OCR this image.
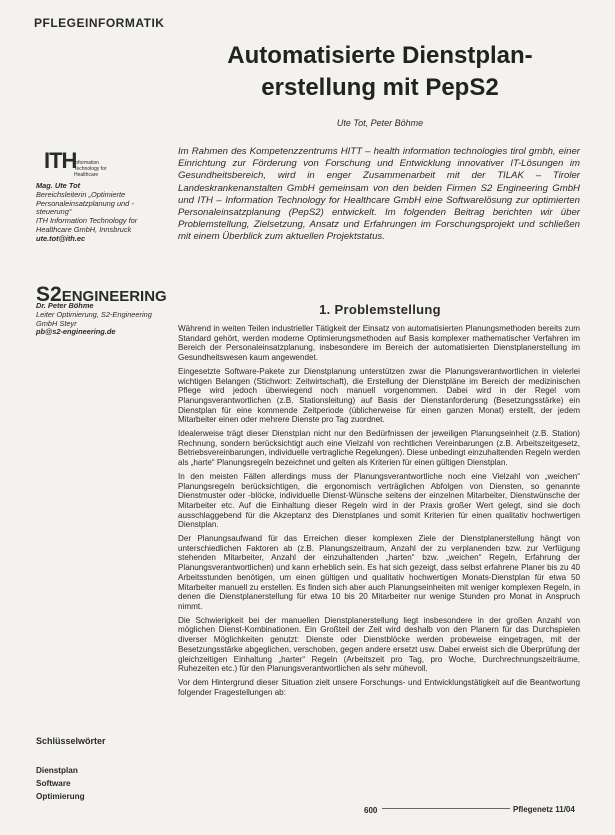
PFLEGEINFORMATIK
Automatisierte Dienstplan-
erstellung mit PepS2
Ute Tot, Peter Böhme
Im Rahmen des Kompetenzzentrums HITT – health information technologies tirol gmbh, einer Einrichtung zur Förderung von Forschung und Entwicklung innovativer IT-Lösungen im Gesundheitsbereich, wird in enger Zusammenarbeit mit der TILAK – Tiroler Landeskrankenanstalten GmbH gemeinsam von den beiden Firmen S2 Engineering GmbH und ITH – Information Technology for Healthcare GmbH eine Softwarelösung zur optimierten Personaleinsatzplanung (PepS2) entwickelt. Im folgenden Beitrag berichten wir über Problemstellung, Zielsetzung, Ansatz und Erfahrungen im Forschungsprojekt und schließen mit einem Überblick zum aktuellen Projektstatus.
ITH
Information Technology for Healthcare
Mag. Ute Tot
Bereichsleiterin „Optimierte Personaleinsatzplanung und -steuerung“
ITH Information Technology for Healthcare GmbH, Innsbruck
ute.tot@ith.ec
S2ENGINEERING
Dr. Peter Böhme
Leiter Optimierung, S2-Engineering GmbH Steyr
pb@s2-engineering.de
1. Problemstellung

Während in weiten Teilen industrieller Tätigkeit der Einsatz von automatisierten Planungsmethoden bereits zum Standard gehört, werden moderne Optimierungsmethoden auf Basis komplexer mathematischer Verfahren im Bereich der Personaleinsatzplanung, insbesondere im Bereich der automatisierten Dienstplanerstellung im Gesundheitswesen kaum angewendet.

Eingesetzte Software-Pakete zur Dienstplanung unterstützen zwar die Planungsverantwortlichen in vielerlei wichtigen Belangen (Stichwort: Zeitwirtschaft), die Erstellung der Dienstpläne im Bereich der medizinischen Pflege wird jedoch überwiegend noch manuell vorgenommen. Dabei wird in der Regel vom Planungsverantwortlichen (z.B. Stationsleitung) auf Basis der Dienstanforderung (Besetzungsstärke) ein Dienstplan für eine kommende Zeitperiode (üblicherweise für einen ganzen Monat) erstellt, der jedem Mitarbeiter einen oder mehrere Dienste pro Tag zuordnet.

Idealerweise trägt dieser Dienstplan nicht nur den Bedürfnissen der jeweiligen Planungseinheit (z.B. Station) Rechnung, sondern berücksichtigt auch eine Vielzahl von rechtlichen Vereinbarungen (z.B. Arbeitszeitgesetz, Betriebsvereinbarungen, individuelle vertragliche Regelungen). Diese unbedingt einzuhaltenden Regeln werden als „harte“ Planungsregeln bezeichnet und gelten als Kriterien für einen gültigen Dienstplan.

In den meisten Fällen allerdings muss der Planungsverantwortliche noch eine Vielzahl von „weichen“ Planungsregeln berücksichtigen, die ergonomisch verträglichen Abfolgen von Diensten, so genannte Dienstmuster oder -blöcke, individuelle Dienst-Wünsche seitens der einzelnen Mitarbeiter, Dienstwünsche der Mitarbeiter etc. Auf die Einhaltung dieser Regeln wird in der Praxis großer Wert gelegt, sind sie doch ausschlaggebend für die Akzeptanz des Dienstplanes und somit Kriterien für einen qualitativ hochwertigen Dienstplan.

Der Planungsaufwand für das Erreichen dieser komplexen Ziele der Dienstplanerstellung hängt von unterschiedlichen Faktoren ab (z.B. Planungszeitraum, Anzahl der zu verplanenden bzw. zur Verfügung stehenden Mitarbeiter, Anzahl der einzuhaltenden „harten“ bzw. „weichen“ Regeln, Erfahrung der Planungsverantwortlichen) und kann erheblich sein. Es hat sich gezeigt, dass selbst erfahrene Planer bis zu 40 Arbeitsstunden benötigen, um einen gültigen und qualitativ hochwertigen Monats-Dienstplan für etwa 50 Mitarbeiter manuell zu erstellen. Es finden sich aber auch Planungseinheiten mit weniger komplexen Regeln, in denen die Dienstplanerstellung für etwa 10 bis 20 Mitarbeiter nur wenige Stunden pro Monat in Anspruch nimmt.

Die Schwierigkeit bei der manuellen Dienstplanerstellung liegt insbesondere in der großen Anzahl von möglichen Dienst-Kombinationen. Ein Großteil der Zeit wird deshalb von den Planern für das Durchspielen diverser Möglichkeiten genutzt: Dienste oder Dienstblöcke werden probeweise eingetragen, mit der Besetzungsstärke abgeglichen, verschoben, gegen andere ersetzt usw. Dabei erweist sich die Überprüfung der gleichzeitigen Einhaltung „harter“ Regeln (Arbeitszeit pro Tag, pro Woche, Durchrechnungszeiträume, Ruhezeiten etc.) für den Planungsverantwortlichen als sehr mühevoll.

Vor dem Hintergrund dieser Situation zielt unsere Forschungs- und Entwicklungstätigkeit auf die Beantwortung folgender Fragestellungen ab:

Schlüsselwörter
Dienstplan
Software
Optimierung
600	Pflegenetz 11/04
